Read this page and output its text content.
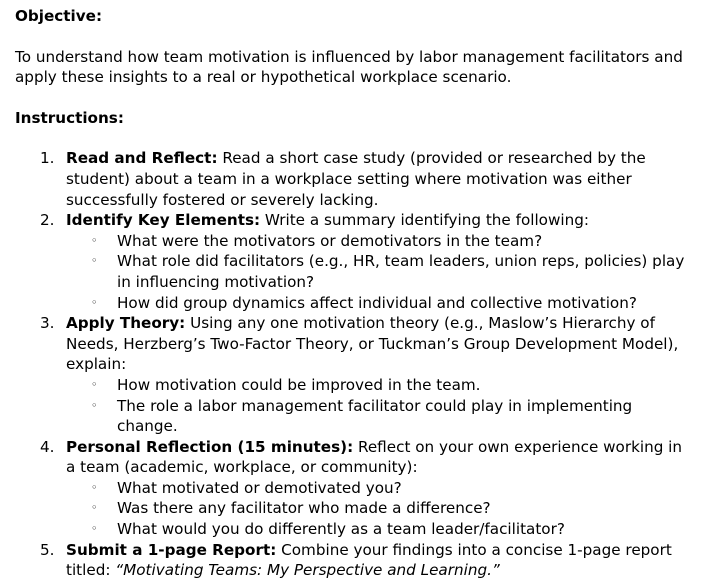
Objective:

To understand how team motivation is influenced by labor management facilitators and apply these insights to a real or hypothetical workplace scenario.

Instructions:

1. Read and Reflect: Read a short case study (provided or researched by the student) about a team in a workplace setting where motivation was either successfully fostered or severely lacking.
2. Identify Key Elements: Write a summary identifying the following:
◦ What were the motivators or demotivators in the team?
◦ What role did facilitators (e.g., HR, team leaders, union reps, policies) play in influencing motivation?
◦ How did group dynamics affect individual and collective motivation?
3. Apply Theory: Using any one motivation theory (e.g., Maslow’s Hierarchy of Needs, Herzberg’s Two-Factor Theory, or Tuckman’s Group Development Model), explain:
◦ How motivation could be improved in the team.
◦ The role a labor management facilitator could play in implementing change.
4. Personal Reflection (15 minutes): Reflect on your own experience working in a team (academic, workplace, or community):
◦ What motivated or demotivated you?
◦ Was there any facilitator who made a difference?
◦ What would you do differently as a team leader/facilitator?
5. Submit a 1-page Report: Combine your findings into a concise 1-page report titled: “Motivating Teams: My Perspective and Learning.”
